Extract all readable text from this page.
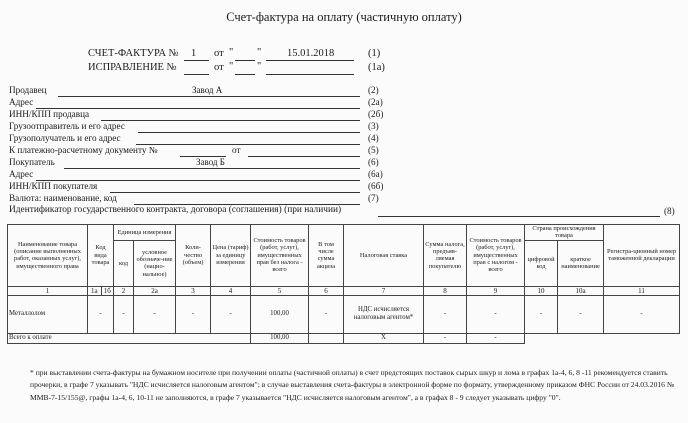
Счет-фактура на оплату (частичную оплату)
СЧЕТ-ФАКТУРА № 1 от " " 15.01.2018	(1)
ИСПРАВЛЕНИЕ №	от " "	(1а)
Продавец	Завод А	(2)
Адрес	(2а)
ИНН/КПП продавца	(2б)
Грузоотправитель и его адрес	(3)
Грузополучатель и его адрес	(4)
К платежно-расчетному документу №	от	(5)
Покупатель	Завод Б	(6)
Адрес	(6а)
ИНН/КПП покупателя	(6б)
Валюта: наименование, код	(7)
Идентификатор государственного контракта, договора (соглашения) (при наличии)	(8)
Наименование товара (описание выполненных работ, оказанных услуг), имущественного права	Код вида товара	Единица измерения		Коли-чество (объем)	Цена (тариф) за единицу измерения	Стоимость товаров (работ, услуг), имущественных прав без налога - всего	В том числе сумма акциза	Налоговая ставка	Сумма налога, предъяв-ляемая покупателю	Стоимость товаров (работ, услуг), имущественных прав с налогом - всего	Страна происхождения товара		Регистра-ционный номер таможенной декларации
		код	условное обозначе-ние (нацио-нальное)								цифровой код	краткое наименование	
1	1а 1б	2	2а	3	4	5	6	7	8	9	10	10а	11
Металлолом	-	-	-	-	-	100,00	-	НДС исчисляется налоговым агентом*	-	-	-	-	-
Всего к оплате						100,00		X	-	-			
* при выставлении счета-фактуры на бумажном носителе при получении оплаты (частичной оплаты) в счет предстоящих поставок сырых шкур и лома в графах 1а-4, 6, 8 -11 рекомендуется ставить прочерки, в графе 7 указывать "НДС исчисляется налоговым агентом"; в случае выставления счета-фактуры в электронной форме по формату, утвержденному приказом ФНС России от 24.03.2016 № ММВ-7-15/155@, графы 1а-4, 6, 10-11 не заполняются, в графе 7 указывается "НДС исчисляется налоговым агентом", а в графах 8 - 9 следует указывать цифру "0".
